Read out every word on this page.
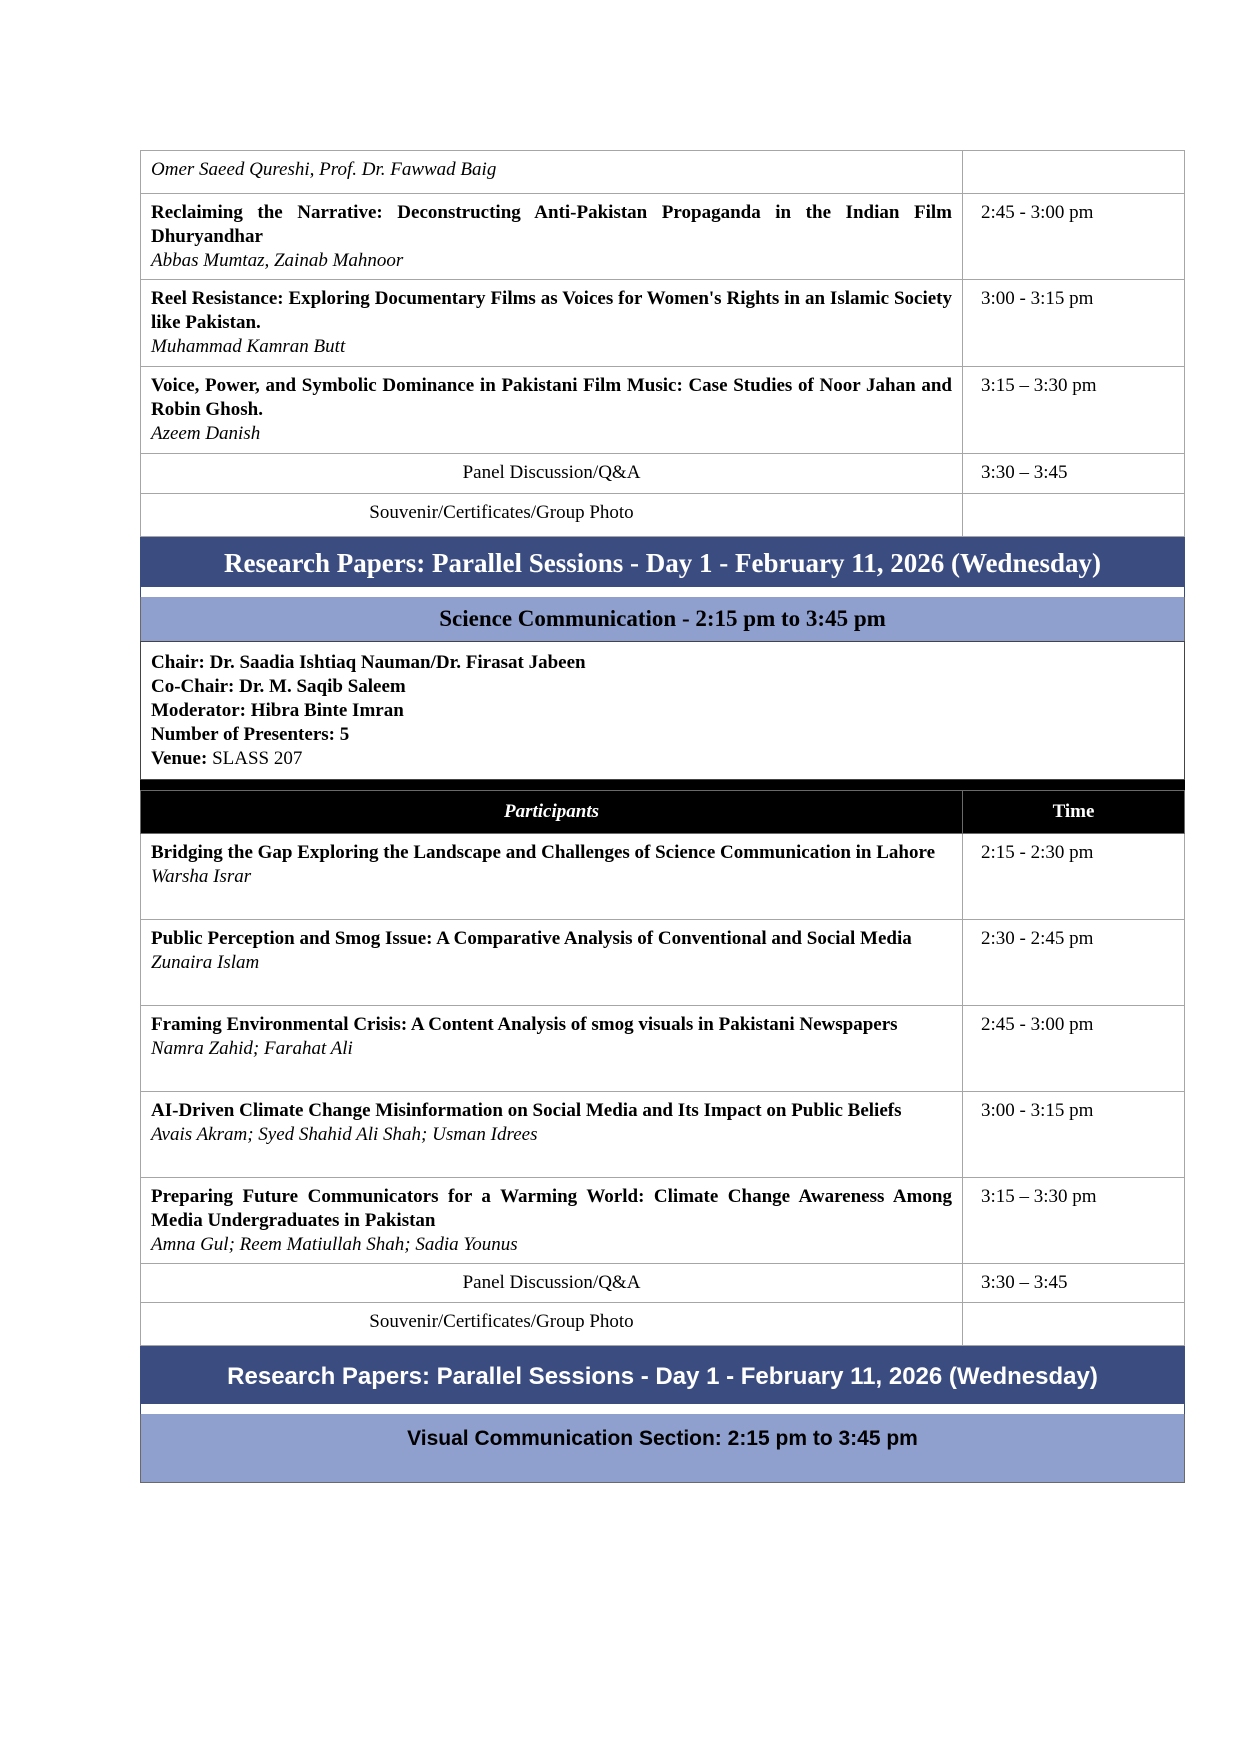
Omer Saeed Qureshi, Prof. Dr. Fawwad Baig	

Reclaiming the Narrative: Deconstructing Anti-Pakistan Propaganda in the Indian Film Dhuryandhar
Abbas Mumtaz, Zainab Mahnoor	2:45 - 3:00 pm

Reel Resistance: Exploring Documentary Films as Voices for Women's Rights in an Islamic Society like Pakistan.
Muhammad Kamran Butt	3:00 - 3:15 pm

Voice, Power, and Symbolic Dominance in Pakistani Film Music: Case Studies of Noor Jahan and Robin Ghosh.
Azeem Danish	3:15 – 3:30 pm

Panel Discussion/Q&A	3:30 – 3:45

Souvenir/Certificates/Group Photo	

Research Papers: Parallel Sessions - Day 1 - February 11, 2026 (Wednesday)
Science Communication - 2:15 pm to 3:45 pm
Chair: Dr. Saadia Ishtiaq Nauman/Dr. Firasat Jabeen
Co-Chair: Dr. M. Saqib Saleem
Moderator: Hibra Binte Imran
Number of Presenters: 5
Venue: SLASS 207
Participants	Time

Bridging the Gap Exploring the Landscape and Challenges of Science Communication in Lahore
Warsha Israr	2:15 - 2:30 pm

Public Perception and Smog Issue: A Comparative Analysis of Conventional and Social Media
Zunaira Islam	2:30 - 2:45 pm

Framing Environmental Crisis: A Content Analysis of smog visuals in Pakistani Newspapers
Namra Zahid; Farahat Ali	2:45 - 3:00 pm

AI-Driven Climate Change Misinformation on Social Media and Its Impact on Public Beliefs
Avais Akram; Syed Shahid Ali Shah; Usman Idrees	3:00 - 3:15 pm

Preparing Future Communicators for a Warming World: Climate Change Awareness Among Media Undergraduates in Pakistan
Amna Gul; Reem Matiullah Shah; Sadia Younus	3:15 – 3:30 pm

Panel Discussion/Q&A	3:30 – 3:45

Souvenir/Certificates/Group Photo	

Research Papers: Parallel Sessions - Day 1 - February 11, 2026 (Wednesday)
Visual Communication Section: 2:15 pm to 3:45 pm
